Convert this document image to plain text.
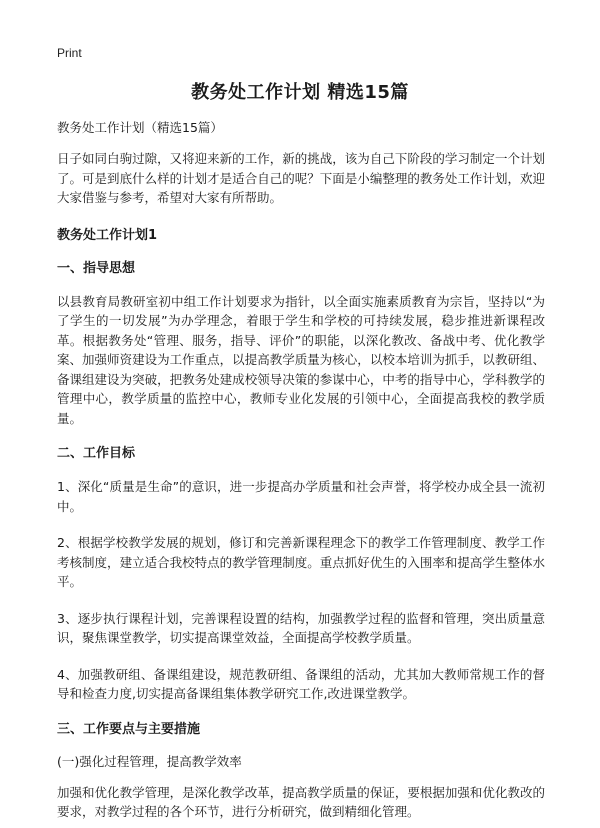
Print
教务处工作计划 精选15篇

教务处工作计划（精选15篇）

日子如同白驹过隙，又将迎来新的工作，新的挑战，该为自己下阶段的学习制定一个计划了。可是到底什么样的计划才是适合自己的呢？下面是小编整理的教务处工作计划，欢迎大家借鉴与参考，希望对大家有所帮助。

教务处工作计划1
一、指导思想

以县教育局教研室初中组工作计划要求为指针，以全面实施素质教育为宗旨，坚持以“为了学生的一切发展”为办学理念，着眼于学生和学校的可持续发展，稳步推进新课程改革。根据教务处“管理、服务，指导、评价”的职能，以深化教改、备战中考、优化教学案、加强师资建设为工作重点，以提高教学质量为核心，以校本培训为抓手，以教研组、备课组建设为突破，把教务处建成校领导决策的参谋中心，中考的指导中心，学科教学的管理中心，教学质量的监控中心，教师专业化发展的引领中心，全面提高我校的教学质量。

二、工作目标

1、深化“质量是生命”的意识，进一步提高办学质量和社会声誉，将学校办成全县一流初中。

2、根据学校教学发展的规划，修订和完善新课程理念下的教学工作管理制度、教学工作考核制度，建立适合我校特点的教学管理制度。重点抓好优生的入围率和提高学生整体水平。

3、逐步执行课程计划，完善课程设置的结构，加强教学过程的监督和管理，突出质量意识，聚焦课堂教学，切实提高课堂效益，全面提高学校教学质量。

4、加强教研组、备课组建设，规范教研组、备课组的活动，尤其加大教师常规工作的督导和检查力度,切实提高备课组集体教学研究工作,改进课堂教学。

三、工作要点与主要措施

(一)强化过程管理，提高教学效率

加强和优化教学管理，是深化教学改革，提高教学质量的保证，要根据加强和优化教改的要求，对教学过程的各个环节，进行分析研究，做到精细化管理。
